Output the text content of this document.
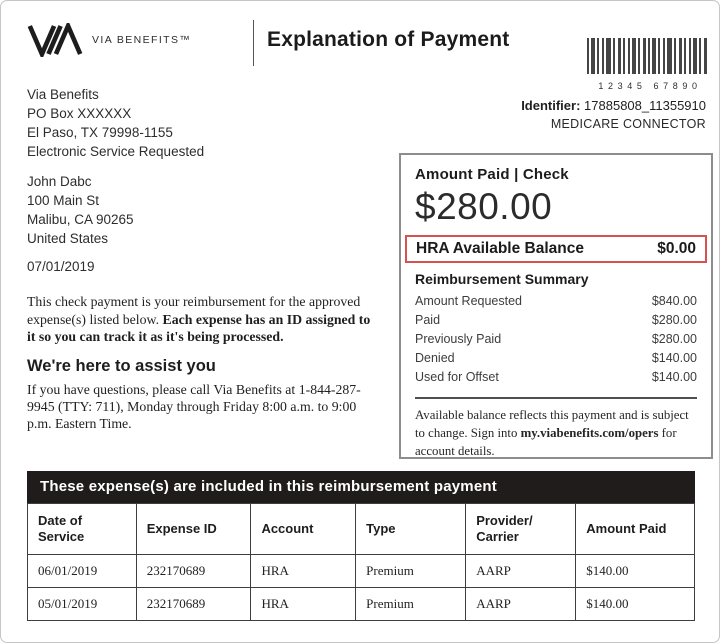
VIA BENEFITS™	Explanation of Payment
12345 67890
Identifier: 17885808_11355910
MEDICARE CONNECTOR
Via Benefits
PO Box XXXXXX
El Paso, TX 79998-1155
Electronic Service Requested
John Dabc
100 Main St
Malibu, CA 90265
United States
07/01/2019

This check payment is your reimbursement for the approved expense(s) listed below. Each expense has an ID assigned to it so you can track it as it's being processed.

We're here to assist you

If you have questions, please call Via Benefits at 1-844-287-9945 (TTY: 711), Monday through Friday 8:00 a.m. to 9:00 p.m. Eastern Time.

Amount Paid | Check
$280.00
HRA Available Balance	$0.00
Reimbursement Summary
Amount Requested	$840.00
Paid	$280.00
Previously Paid	$280.00
Denied	$140.00
Used for Offset	$140.00
Available balance reflects this payment and is subject to change. Sign into my.viabenefits.com/opers for account details.
These expense(s) are included in this reimbursement payment
Date of Service	Expense ID	Account	Type	Provider/ Carrier	Amount Paid
06/01/2019	232170689	HRA	Premium	AARP	$140.00
05/01/2019	232170689	HRA	Premium	AARP	$140.00
